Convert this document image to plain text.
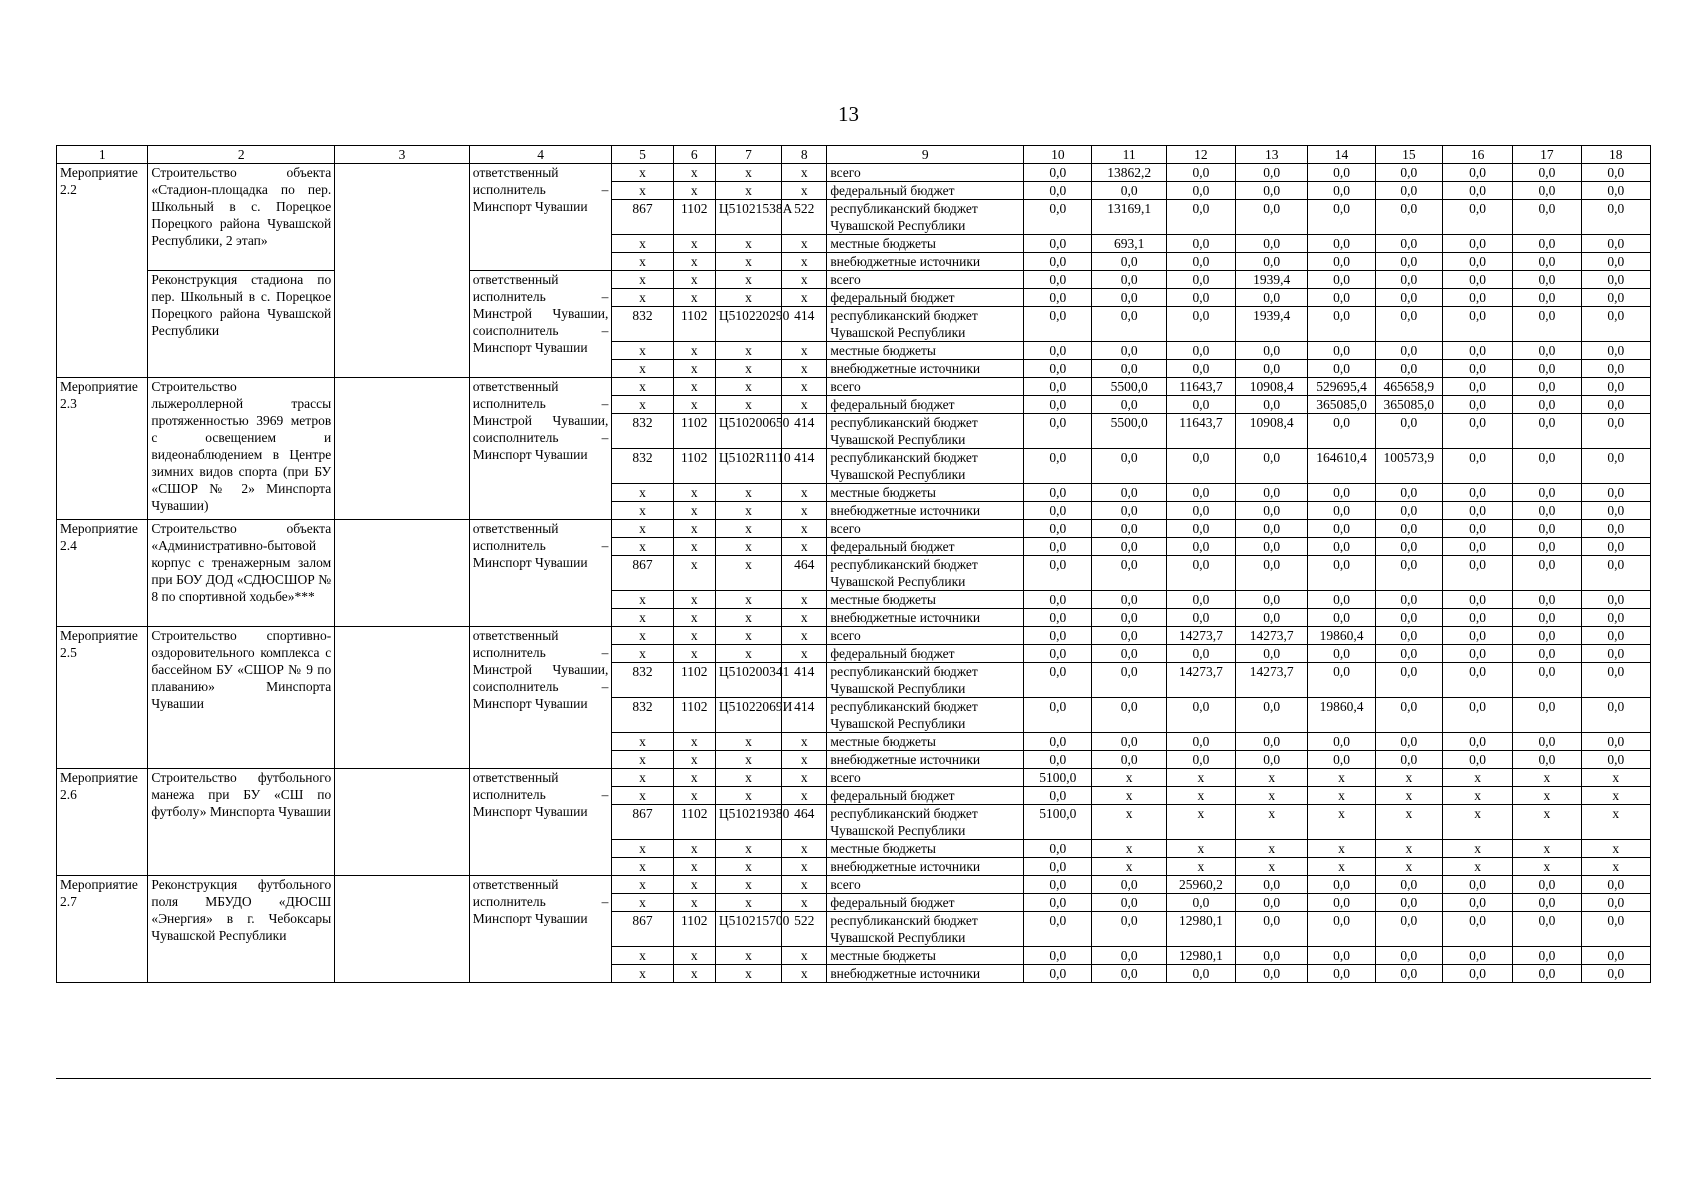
13
1	2	3	4	5	6	7	8	9	10	11	12	13	14	15	16	17	18
Мероприятие 2.2	Строительство объекта «Стадион-площадка по пер. Школьный в с. Порецкое Порецкого района Чувашской Республики, 2 этап»		ответственный исполнитель – Минспорт Чувашии	x	x	x	x	всего	0,0	13862,2	0,0	0,0	0,0	0,0	0,0	0,0	0,0
				x	x	x	x	федеральный бюджет	0,0	0,0	0,0	0,0	0,0	0,0	0,0	0,0	0,0
				867	1102	Ц51021538А	522	республиканский бюджет Чувашской Республики	0,0	13169,1	0,0	0,0	0,0	0,0	0,0	0,0	0,0
				x	x	x	x	местные бюджеты	0,0	693,1	0,0	0,0	0,0	0,0	0,0	0,0	0,0
				x	x	x	x	внебюджетные источники	0,0	0,0	0,0	0,0	0,0	0,0	0,0	0,0	0,0
	Реконструкция стадиона по пер. Школьный в с. Порецкое Порецкого района Чувашской Республики		ответственный исполнитель – Минстрой Чувашии, соисполнитель – Минспорт Чувашии	x	x	x	x	всего	0,0	0,0	0,0	1939,4	0,0	0,0	0,0	0,0	0,0
				x	x	x	x	федеральный бюджет	0,0	0,0	0,0	0,0	0,0	0,0	0,0	0,0	0,0
				832	1102	Ц510220290	414	республиканский бюджет Чувашской Республики	0,0	0,0	0,0	1939,4	0,0	0,0	0,0	0,0	0,0
				x	x	x	x	местные бюджеты	0,0	0,0	0,0	0,0	0,0	0,0	0,0	0,0	0,0
				x	x	x	x	внебюджетные источники	0,0	0,0	0,0	0,0	0,0	0,0	0,0	0,0	0,0
Мероприятие 2.3	Строительство лыжероллерной трассы протяженностью 3969 метров с освещением и видеонаблюдением в Центре зимних видов спорта (при БУ «СШОР № 2» Минспорта Чувашии)		ответственный исполнитель – Минстрой Чувашии, соисполнитель – Минспорт Чувашии	x	x	x	x	всего	0,0	5500,0	11643,7	10908,4	529695,4	465658,9	0,0	0,0	0,0
				x	x	x	x	федеральный бюджет	0,0	0,0	0,0	0,0	365085,0	365085,0	0,0	0,0	0,0
				832	1102	Ц510200650	414	республиканский бюджет Чувашской Республики	0,0	5500,0	11643,7	10908,4	0,0	0,0	0,0	0,0	0,0
				832	1102	Ц5102R1110	414	республиканский бюджет Чувашской Республики	0,0	0,0	0,0	0,0	164610,4	100573,9	0,0	0,0	0,0
				x	x	x	x	местные бюджеты	0,0	0,0	0,0	0,0	0,0	0,0	0,0	0,0	0,0
				x	x	x	x	внебюджетные источники	0,0	0,0	0,0	0,0	0,0	0,0	0,0	0,0	0,0
Мероприятие 2.4	Строительство объекта «Административно-бытовой корпус с тренажерным залом при БОУ ДОД «СДЮСШОР № 8 по спортивной ходьбе»***		ответственный исполнитель – Минспорт Чувашии	x	x	x	x	всего	0,0	0,0	0,0	0,0	0,0	0,0	0,0	0,0	0,0
				x	x	x	x	федеральный бюджет	0,0	0,0	0,0	0,0	0,0	0,0	0,0	0,0	0,0
				867	x	x	464	республиканский бюджет Чувашской Республики	0,0	0,0	0,0	0,0	0,0	0,0	0,0	0,0	0,0
				x	x	x	x	местные бюджеты	0,0	0,0	0,0	0,0	0,0	0,0	0,0	0,0	0,0
				x	x	x	x	внебюджетные источники	0,0	0,0	0,0	0,0	0,0	0,0	0,0	0,0	0,0
Мероприятие 2.5	Строительство спортивно-оздоровительного комплекса с бассейном БУ «СШОР № 9 по плаванию» Минспорта Чувашии		ответственный исполнитель – Минстрой Чувашии, соисполнитель – Минспорт Чувашии	x	x	x	x	всего	0,0	0,0	14273,7	14273,7	19860,4	0,0	0,0	0,0	0,0
				x	x	x	x	федеральный бюджет	0,0	0,0	0,0	0,0	0,0	0,0	0,0	0,0	0,0
				832	1102	Ц510200341	414	республиканский бюджет Чувашской Республики	0,0	0,0	14273,7	14273,7	0,0	0,0	0,0	0,0	0,0
				832	1102	Ц51022069И	414	республиканский бюджет Чувашской Республики	0,0	0,0	0,0	0,0	19860,4	0,0	0,0	0,0	0,0
				x	x	x	x	местные бюджеты	0,0	0,0	0,0	0,0	0,0	0,0	0,0	0,0	0,0
				x	x	x	x	внебюджетные источники	0,0	0,0	0,0	0,0	0,0	0,0	0,0	0,0	0,0
Мероприятие 2.6	Строительство футбольного манежа при БУ «СШ по футболу» Минспорта Чувашии		ответственный исполнитель – Минспорт Чувашии	x	x	x	x	всего	5100,0	x	x	x	x	x	x	x	x
				x	x	x	x	федеральный бюджет	0,0	x	x	x	x	x	x	x	x
				867	1102	Ц510219380	464	республиканский бюджет Чувашской Республики	5100,0	x	x	x	x	x	x	x	x
				x	x	x	x	местные бюджеты	0,0	x	x	x	x	x	x	x	x
				x	x	x	x	внебюджетные источники	0,0	x	x	x	x	x	x	x	x
Мероприятие 2.7	Реконструкция футбольного поля МБУДО «ДЮСШ «Энергия» в г. Чебоксары Чувашской Республики		ответственный исполнитель – Минспорт Чувашии	x	x	x	x	всего	0,0	0,0	25960,2	0,0	0,0	0,0	0,0	0,0	0,0
				x	x	x	x	федеральный бюджет	0,0	0,0	0,0	0,0	0,0	0,0	0,0	0,0	0,0
				867	1102	Ц510215700	522	республиканский бюджет Чувашской Республики	0,0	0,0	12980,1	0,0	0,0	0,0	0,0	0,0	0,0
				x	x	x	x	местные бюджеты	0,0	0,0	12980,1	0,0	0,0	0,0	0,0	0,0	0,0
				x	x	x	x	внебюджетные источники	0,0	0,0	0,0	0,0	0,0	0,0	0,0	0,0	0,0
